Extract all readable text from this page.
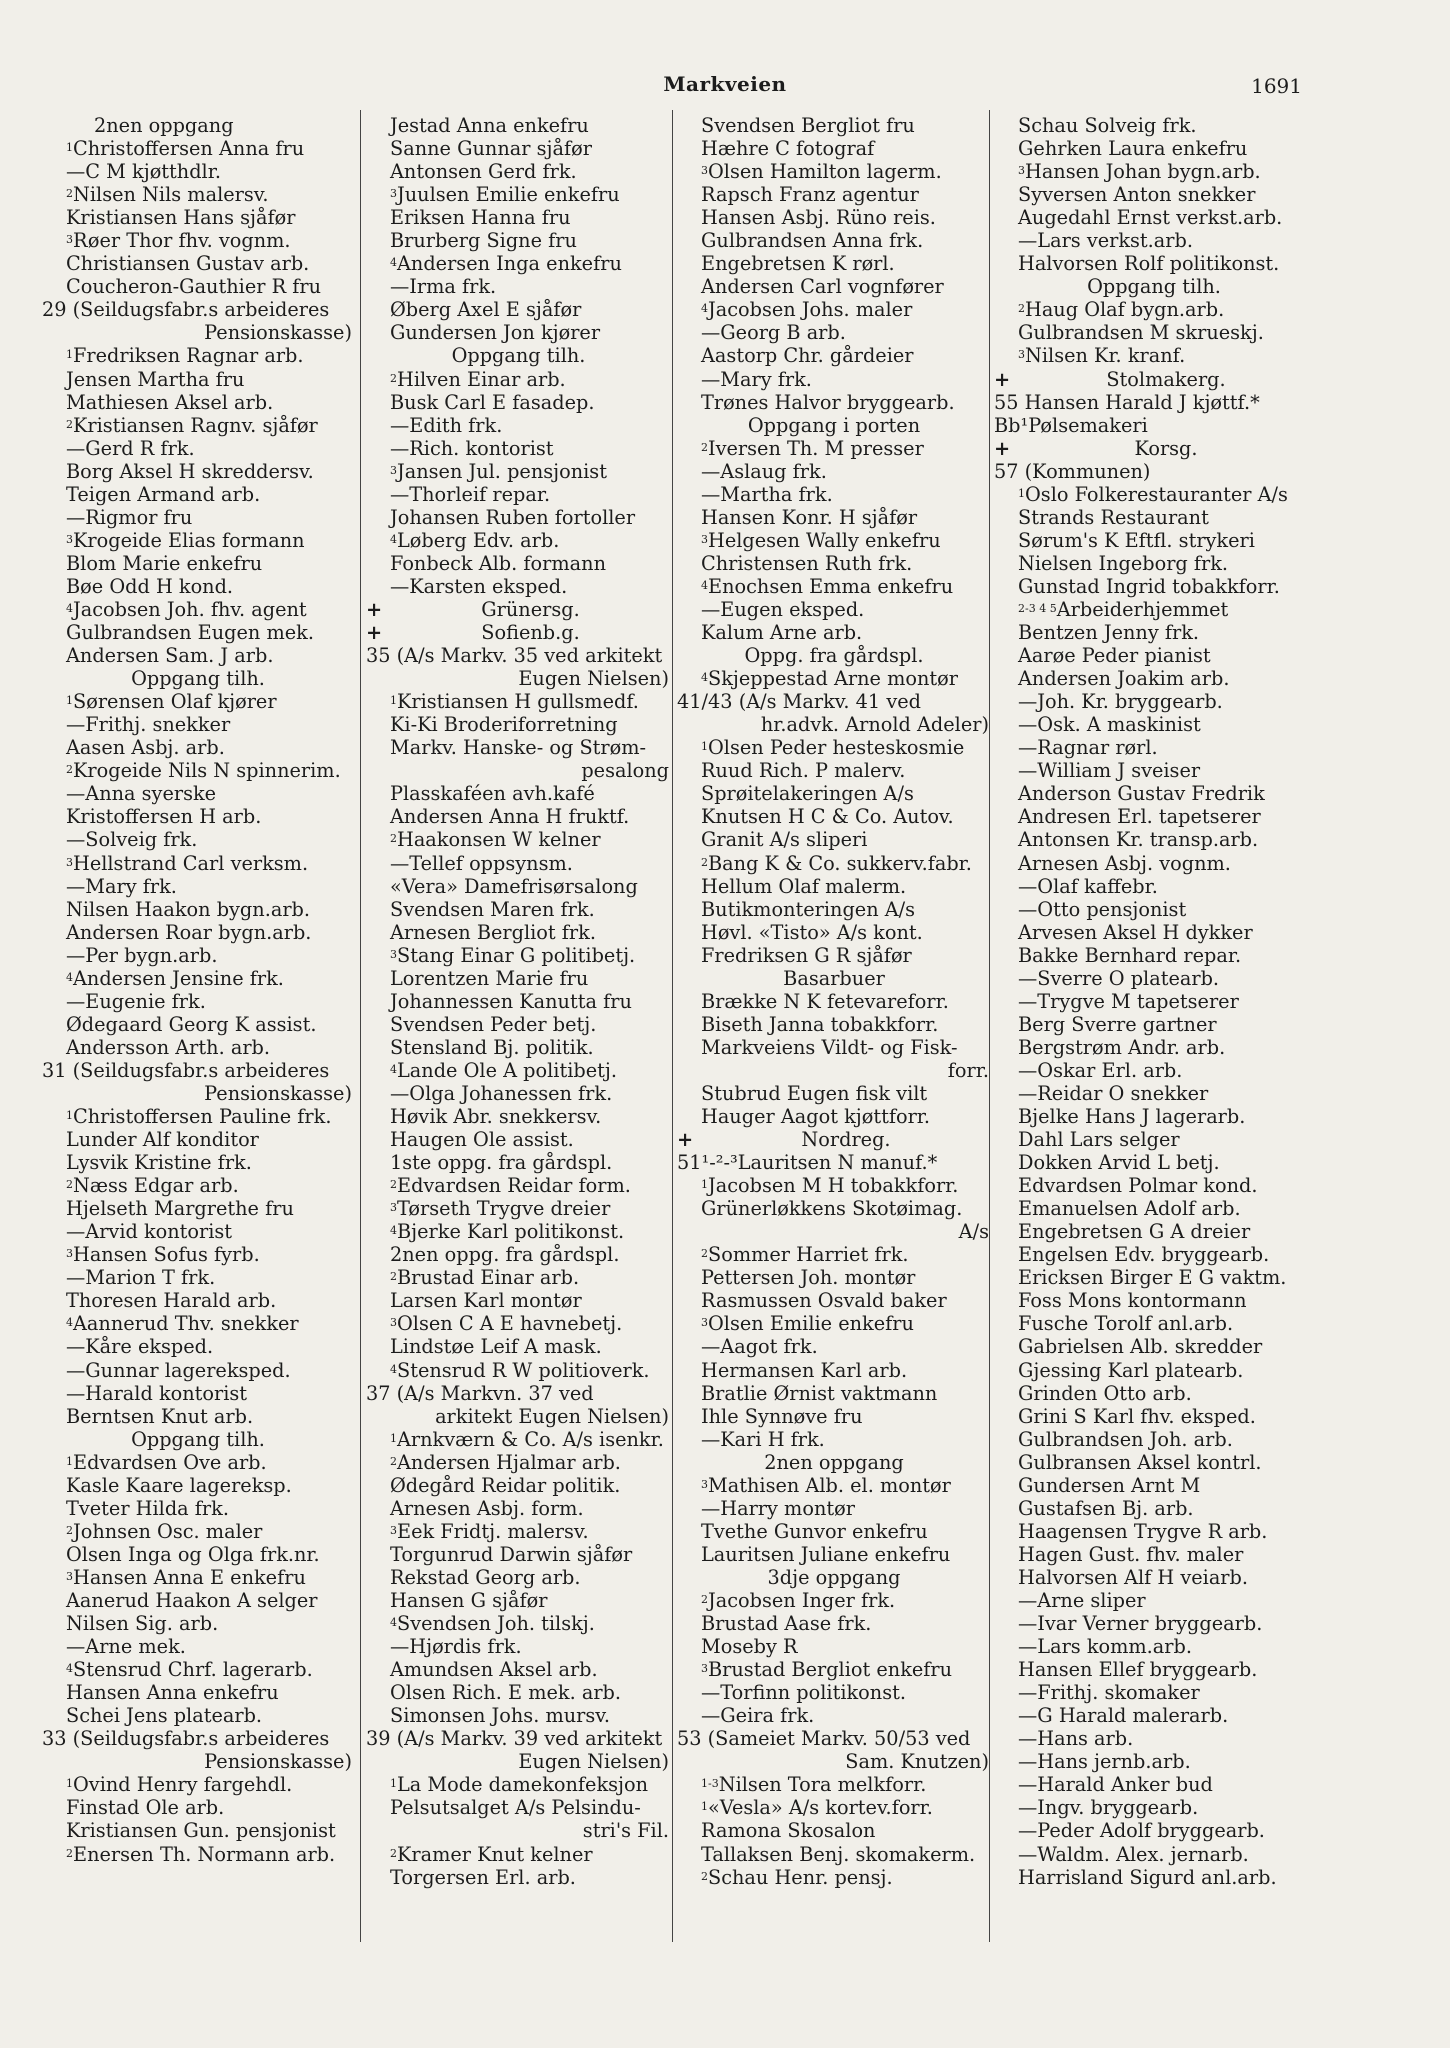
Markveien	1691
2nen oppgang
$^1$Christoffersen Anna fru
—C M kjøtthdlr.
$^2$Nilsen Nils malersv.
Kristiansen Hans sjåfør
$^3$Røer Thor fhv. vognm.
Christiansen Gustav arb.
Coucheron-Gauthier R fru
29 (Seildugsfabr.s arbeideres
Pensionskasse)
$^1$Fredriksen Ragnar arb.
Jensen Martha fru
Mathiesen Aksel arb.
$^2$Kristiansen Ragnv. sjåfør
—Gerd R frk.
Borg Aksel H skreddersv.
Teigen Armand arb.
—Rigmor fru
$^3$Krogeide Elias formann
Blom Marie enkefru
Bøe Odd H kond.
$^4$Jacobsen Joh. fhv. agent
Gulbrandsen Eugen mek.
Andersen Sam. J arb.
Oppgang tilh.
$^1$Sørensen Olaf kjører
—Frithj. snekker
Aasen Asbj. arb.
$^2$Krogeide Nils N spinnerim.
—Anna syerske
Kristoffersen H arb.
—Solveig frk.
$^3$Hellstrand Carl verksm.
—Mary frk.
Nilsen Haakon bygn.arb.
Andersen Roar bygn.arb.
—Per bygn.arb.
$^4$Andersen Jensine frk.
—Eugenie frk.
Ødegaard Georg K assist.
Andersson Arth. arb.
31 (Seildugsfabr.s arbeideres
Pensionskasse)
$^1$Christoffersen Pauline frk.
Lunder Alf konditor
Lysvik Kristine frk.
$^2$Næss Edgar arb.
Hjelseth Margrethe fru
—Arvid kontorist
$^3$Hansen Sofus fyrb.
—Marion T frk.
Thoresen Harald arb.
$^4$Aannerud Thv. snekker
—Kåre eksped.
—Gunnar lagereksped.
—Harald kontorist
Berntsen Knut arb.
Oppgang tilh.
$^1$Edvardsen Ove arb.
Kasle Kaare lagereksp.
Tveter Hilda frk.
$^2$Johnsen Osc. maler
Olsen Inga og Olga frk.nr.
$^3$Hansen Anna E enkefru
Aanerud Haakon A selger
Nilsen Sig. arb.
—Arne mek.
$^4$Stensrud Chrf. lagerarb.
Hansen Anna enkefru
Schei Jens platearb.
33 (Seildugsfabr.s arbeideres
Pensionskasse)
$^1$Ovind Henry fargehdl.
Finstad Ole arb.
Kristiansen Gun. pensjonist
$^2$Enersen Th. Normann arb.
Jestad Anna enkefru
Sanne Gunnar sjåfør
Antonsen Gerd frk.
$^3$Juulsen Emilie enkefru
Eriksen Hanna fru
Brurberg Signe fru
$^4$Andersen Inga enkefru
—Irma frk.
Øberg Axel E sjåfør
Gundersen Jon kjører
Oppgang tilh.
$^2$Hilven Einar arb.
Busk Carl E fasadep.
—Edith frk.
—Rich. kontorist
$^3$Jansen Jul. pensjonist
—Thorleif repar.
Johansen Ruben fortoller
$^4$Løberg Edv. arb.
Fonbeck Alb. formann
—Karsten eksped.
+	Grünersg.
+	Sofienb.g.
35 (A/s Markv. 35 ved arkitekt
Eugen Nielsen)
$^1$Kristiansen H gullsmedf.
Ki-Ki Broderiforretning
Markv. Hanske- og Strøm-
pesalong
Plasskaféen avh.kafé
Andersen Anna H fruktf.
$^2$Haakonsen W kelner
—Tellef oppsynsm.
«Vera» Damefrisørsalong
Svendsen Maren frk.
Arnesen Bergliot frk.
$^3$Stang Einar G politibetj.
Lorentzen Marie fru
Johannessen Kanutta fru
Svendsen Peder betj.
Stensland Bj. politik.
$^4$Lande Ole A politibetj.
—Olga Johanessen frk.
Høvik Abr. snekkersv.
Haugen Ole assist.
1ste oppg. fra gårdspl.
$^2$Edvardsen Reidar form.
$^3$Tørseth Trygve dreier
$^4$Bjerke Karl politikonst.
2nen oppg. fra gårdspl.
$^2$Brustad Einar arb.
Larsen Karl montør
$^3$Olsen C A E havnebetj.
Lindstøe Leif A mask.
$^4$Stensrud R W politioverk.
37 (A/s Markvn. 37 ved
arkitekt Eugen Nielsen)
$^1$Arnkværn & Co. A/s isenkr.
$^2$Andersen Hjalmar arb.
Ødegård Reidar politik.
Arnesen Asbj. form.
$^3$Eek Fridtj. malersv.
Torgunrud Darwin sjåfør
Rekstad Georg arb.
Hansen G sjåfør
$^4$Svendsen Joh. tilskj.
—Hjørdis frk.
Amundsen Aksel arb.
Olsen Rich. E mek. arb.
Simonsen Johs. mursv.
39 (A/s Markv. 39 ved arkitekt
Eugen Nielsen)
$^1$La Mode damekonfeksjon
Pelsutsalget A/s Pelsindu-
stri's Fil.
$^2$Kramer Knut kelner
Torgersen Erl. arb.
Svendsen Bergliot fru
Hæhre C fotograf
$^3$Olsen Hamilton lagerm.
Rapsch Franz agentur
Hansen Asbj. Rüno reis.
Gulbrandsen Anna frk.
Engebretsen K rørl.
Andersen Carl vognfører
$^4$Jacobsen Johs. maler
—Georg B arb.
Aastorp Chr. gårdeier
—Mary frk.
Trønes Halvor bryggearb.
Oppgang i porten
$^2$Iversen Th. M presser
—Aslaug frk.
—Martha frk.
Hansen Konr. H sjåfør
$^3$Helgesen Wally enkefru
Christensen Ruth frk.
$^4$Enochsen Emma enkefru
—Eugen eksped.
Kalum Arne arb.
Oppg. fra gårdspl.
$^4$Skjeppestad Arne montør
41/43 (A/s Markv. 41 ved
hr.advk. Arnold Adeler)
$^1$Olsen Peder hesteskosmie
Ruud Rich. P malerv.
Sprøitelakeringen A/s
Knutsen H C & Co. Autov.
Granit A/s sliperi
$^2$Bang K & Co. sukkerv.fabr.
Hellum Olaf malerm.
Butikmonteringen A/s
Høvl. «Tisto» A/s kont.
Fredriksen G R sjåfør
Basarbuer
Brække N K fetevareforr.
Biseth Janna tobakkforr.
Markveiens Vildt- og Fisk-
forr.
Stubrud Eugen fisk vilt
Hauger Aagot kjøttforr.
+	Nordreg.
51¹-²-³Lauritsen N manuf.*
$^1$Jacobsen M H tobakkforr.
Grünerløkkens Skotøimag.
A/s
$^2$Sommer Harriet frk.
Pettersen Joh. montør
Rasmussen Osvald baker
$^3$Olsen Emilie enkefru
—Aagot frk.
Hermansen Karl arb.
Bratlie Ørnist vaktmann
Ihle Synnøve fru
—Kari H frk.
2nen oppgang
$^3$Mathisen Alb. el. montør
—Harry montør
Tvethe Gunvor enkefru
Lauritsen Juliane enkefru
3dje oppgang
$^2$Jacobsen Inger frk.
Brustad Aase frk.
Moseby R
$^3$Brustad Bergliot enkefru
—Torfinn politikonst.
—Geira frk.
53 (Sameiet Markv. 50/53 ved
Sam. Knutzen)
$^{1-3}$Nilsen Tora melkforr.
$^1$«Vesla» A/s kortev.forr.
Ramona Skosalon
Tallaksen Benj. skomakerm.
$^2$Schau Henr. pensj.
Schau Solveig frk.
Gehrken Laura enkefru
$^3$Hansen Johan bygn.arb.
Syversen Anton snekker
Augedahl Ernst verkst.arb.
—Lars verkst.arb.
Halvorsen Rolf politikonst.
Oppgang tilh.
$^2$Haug Olaf bygn.arb.
Gulbrandsen M skrueskj.
$^3$Nilsen Kr. kranf.
+	Stolmakerg.
55 Hansen Harald J kjøttf.*
Bb¹Pølsemakeri
+	Korsg.
57 (Kommunen)
$^1$Oslo Folkerestauranter A/s
Strands Restaurant
Sørum's K Eftfl. strykeri
Nielsen Ingeborg frk.
Gunstad Ingrid tobakkforr.
$^{2-3 4 5}$Arbeiderhjemmet
Bentzen Jenny frk.
Aarøe Peder pianist
Andersen Joakim arb.
—Joh. Kr. bryggearb.
—Osk. A maskinist
—Ragnar rørl.
—William J sveiser
Anderson Gustav Fredrik
Andresen Erl. tapetserer
Antonsen Kr. transp.arb.
Arnesen Asbj. vognm.
—Olaf kaffebr.
—Otto pensjonist
Arvesen Aksel H dykker
Bakke Bernhard repar.
—Sverre O platearb.
—Trygve M tapetserer
Berg Sverre gartner
Bergstrøm Andr. arb.
—Oskar Erl. arb.
—Reidar O snekker
Bjelke Hans J lagerarb.
Dahl Lars selger
Dokken Arvid L betj.
Edvardsen Polmar kond.
Emanuelsen Adolf arb.
Engebretsen G A dreier
Engelsen Edv. bryggearb.
Ericksen Birger E G vaktm.
Foss Mons kontormann
Fusche Torolf anl.arb.
Gabrielsen Alb. skredder
Gjessing Karl platearb.
Grinden Otto arb.
Grini S Karl fhv. eksped.
Gulbrandsen Joh. arb.
Gulbransen Aksel kontrl.
Gundersen Arnt M
Gustafsen Bj. arb.
Haagensen Trygve R arb.
Hagen Gust. fhv. maler
Halvorsen Alf H veiarb.
—Arne sliper
—Ivar Verner bryggearb.
—Lars komm.arb.
Hansen Ellef bryggearb.
—Frithj. skomaker
—G Harald malerarb.
—Hans arb.
—Hans jernb.arb.
—Harald Anker bud
—Ingv. bryggearb.
—Peder Adolf bryggearb.
—Waldm. Alex. jernarb.
Harrisland Sigurd anl.arb.
